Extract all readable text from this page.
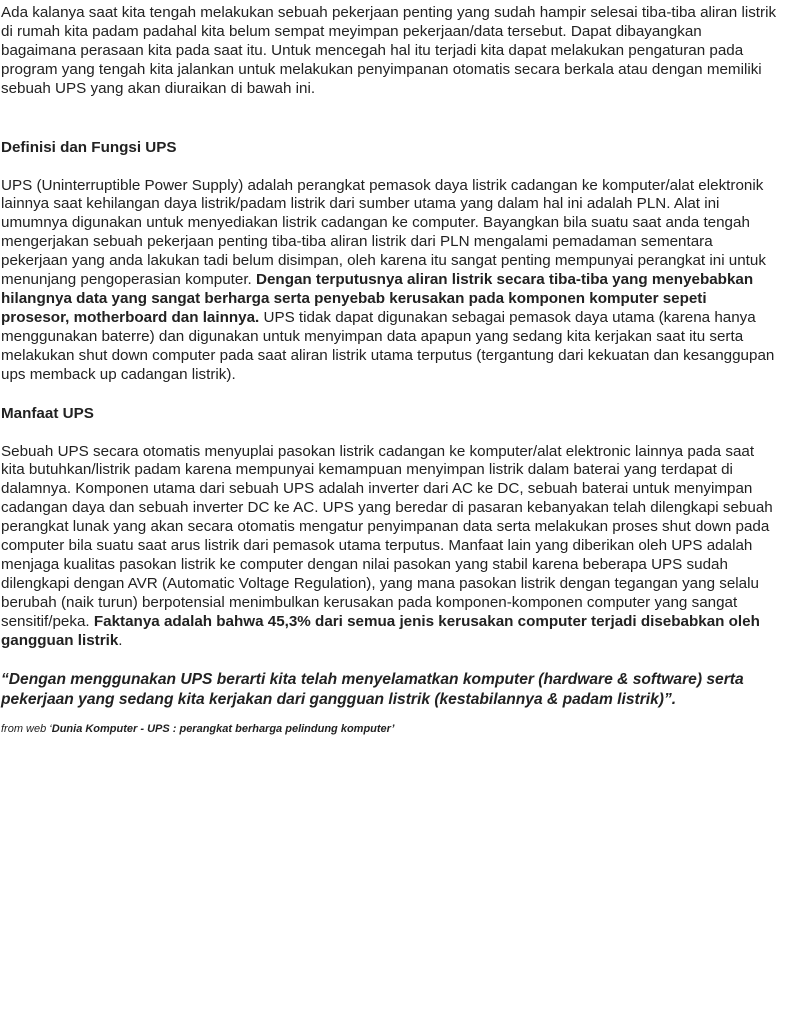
Ada kalanya saat kita tengah melakukan sebuah pekerjaan penting yang sudah hampir selesai tiba-tiba aliran listrik di rumah kita padam padahal kita belum sempat meyimpan pekerjaan/data tersebut. Dapat dibayangkan bagaimana perasaan kita pada saat itu. Untuk mencegah hal itu terjadi kita dapat melakukan pengaturan pada program yang tengah kita jalankan untuk melakukan penyimpanan otomatis secara berkala atau dengan memiliki sebuah UPS yang akan diuraikan di bawah ini.

Definisi dan Fungsi UPS

UPS (Uninterruptible Power Supply) adalah perangkat pemasok daya listrik cadangan ke komputer/alat elektronik lainnya saat kehilangan daya listrik/padam listrik dari sumber utama yang dalam hal ini adalah PLN. Alat ini umumnya digunakan untuk menyediakan listrik cadangan ke computer. Bayangkan bila suatu saat anda tengah mengerjakan sebuah pekerjaan penting tiba-tiba aliran listrik dari PLN mengalami pemadaman sementara pekerjaan yang anda lakukan tadi belum disimpan, oleh karena itu sangat penting mempunyai perangkat ini untuk menunjang pengoperasian komputer. Dengan terputusnya aliran listrik secara tiba-tiba yang menyebabkan hilangnya data yang sangat berharga serta penyebab kerusakan pada komponen komputer sepeti prosesor, motherboard dan lainnya. UPS tidak dapat digunakan sebagai pemasok daya utama (karena hanya menggunakan baterre) dan digunakan untuk menyimpan data apapun yang sedang kita kerjakan saat itu serta melakukan shut down computer pada saat aliran listrik utama terputus (tergantung dari kekuatan dan kesanggupan ups memback up cadangan listrik).

Manfaat UPS

Sebuah UPS secara otomatis menyuplai pasokan listrik cadangan ke komputer/alat elektronic lainnya pada saat kita butuhkan/listrik padam karena mempunyai kemampuan menyimpan listrik dalam baterai yang terdapat di dalamnya. Komponen utama dari sebuah UPS adalah inverter dari AC ke DC, sebuah baterai untuk menyimpan cadangan daya dan sebuah inverter DC ke AC. UPS yang beredar di pasaran kebanyakan telah dilengkapi sebuah perangkat lunak yang akan secara otomatis mengatur penyimpanan data serta melakukan proses shut down pada computer bila suatu saat arus listrik dari pemasok utama terputus. Manfaat lain yang diberikan oleh UPS adalah menjaga kualitas pasokan listrik ke computer dengan nilai pasokan yang stabil karena beberapa UPS sudah dilengkapi dengan AVR (Automatic Voltage Regulation), yang mana pasokan listrik dengan tegangan yang selalu berubah (naik turun) berpotensial menimbulkan kerusakan pada komponen-komponen computer yang sangat sensitif/peka. Faktanya adalah bahwa 45,3% dari semua jenis kerusakan computer terjadi disebabkan oleh gangguan listrik.

“Dengan menggunakan UPS berarti kita telah menyelamatkan komputer (hardware & software) serta pekerjaan yang sedang kita kerjakan dari gangguan listrik (kestabilannya & padam listrik)”.

from web ‘Dunia Komputer - UPS : perangkat berharga pelindung komputer’
